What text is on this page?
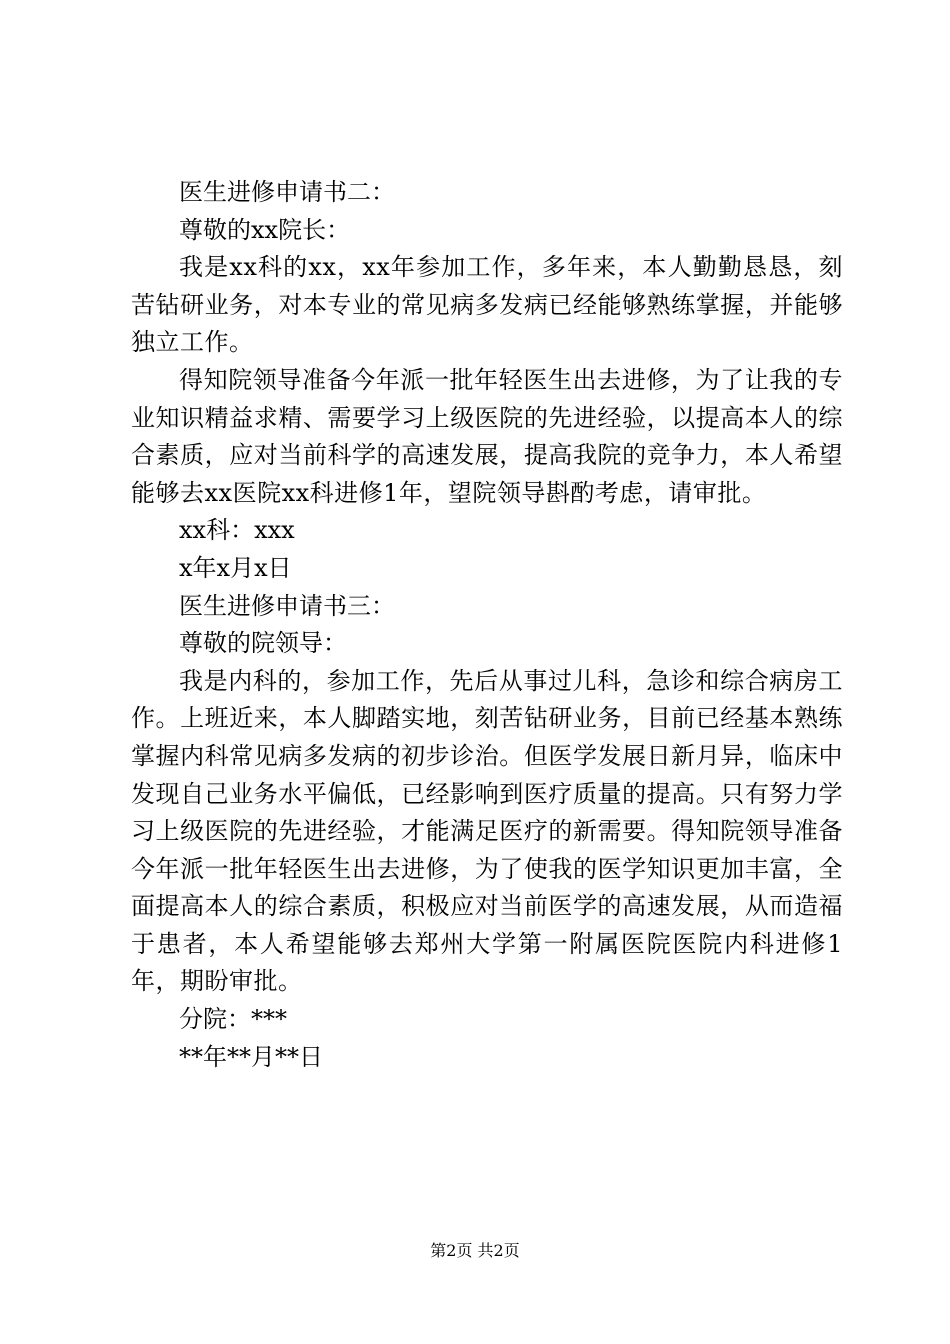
医生进修申请书二：
尊敬的xx院长：

我是xx科的xx，xx年参加工作，多年来，本人勤勤恳恳，刻苦钻研业务，对本专业的常见病多发病已经能够熟练掌握，并能够独立工作。

得知院领导准备今年派一批年轻医生出去进修，为了让我的专业知识精益求精、需要学习上级医院的先进经验，以提高本人的综合素质，应对当前科学的高速发展，提高我院的竞争力，本人希望能够去xx医院xx科进修1年，望院领导斟酌考虑，请审批。

xx科：xxx
x年x月x日
医生进修申请书三：
尊敬的院领导：

我是内科的，参加工作，先后从事过儿科，急诊和综合病房工作。上班近来，本人脚踏实地，刻苦钻研业务，目前已经基本熟练掌握内科常见病多发病的初步诊治。但医学发展日新月异，临床中发现自己业务水平偏低，已经影响到医疗质量的提高。只有努力学习上级医院的先进经验，才能满足医疗的新需要。得知院领导准备今年派一批年轻医生出去进修，为了使我的医学知识更加丰富，全面提高本人的综合素质，积极应对当前医学的高速发展，从而造福于患者，本人希望能够去郑州大学第一附属医院医院内科进修1年，期盼审批。

分院：***
**年**月**日
第2页 共2页
